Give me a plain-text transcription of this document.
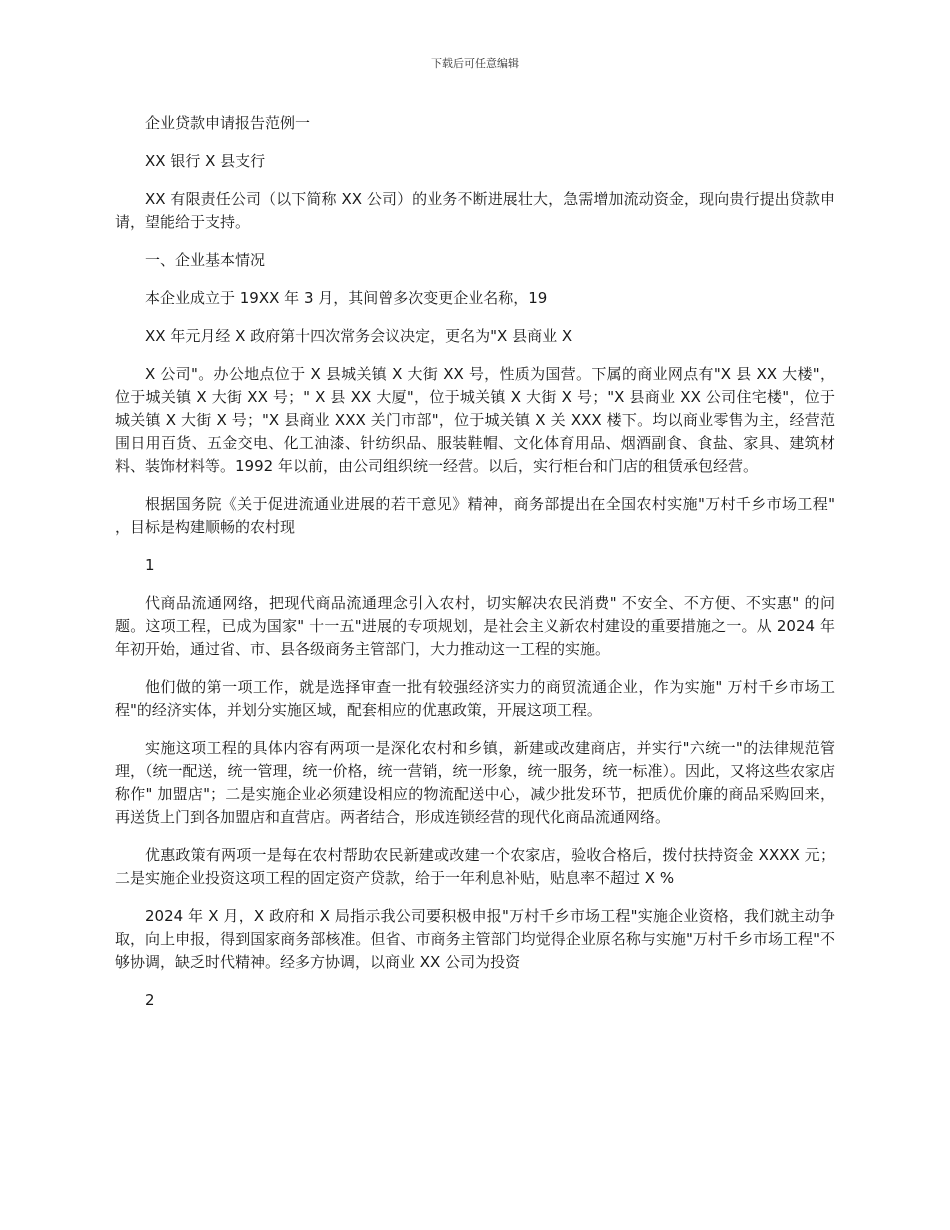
下载后可任意编辑

企业贷款申请报告范例一

XX 银行 X 县支行

XX 有限责任公司（以下简称 XX 公司）的业务不断进展壮大，急需增加流动资金，现向贵行提出贷款申请，望能给于支持。

一、企业基本情况

本企业成立于 19XX 年 3 月，其间曾多次变更企业名称，19

XX 年元月经 X 政府第十四次常务会议决定，更名为"X 县商业 X

X 公司"。办公地点位于 X 县城关镇 X 大街 XX 号，性质为国营。下属的商业网点有"X 县 XX 大楼"，位于城关镇 X 大街 XX 号；" X 县 XX 大厦"，位于城关镇 X 大街 X 号；"X 县商业 XX 公司住宅楼"，位于城关镇 X 大街 X 号；"X 县商业 XXX 关门市部"，位于城关镇 X 关 XXX 楼下。均以商业零售为主，经营范围日用百货、五金交电、化工油漆、针纺织品、服装鞋帽、文化体育用品、烟酒副食、食盐、家具、建筑材料、装饰材料等。1992 年以前，由公司组织统一经营。以后，实行柜台和门店的租赁承包经营。

根据国务院《关于促进流通业进展的若干意见》精神，商务部提出在全国农村实施"万村千乡市场工程" ，目标是构建顺畅的农村现

1

代商品流通网络，把现代商品流通理念引入农村，切实解决农民消费" 不安全、不方便、不实惠" 的问题。这项工程，已成为国家" 十一五"进展的专项规划，是社会主义新农村建设的重要措施之一。从 2024 年年初开始，通过省、市、县各级商务主管部门，大力推动这一工程的实施。

他们做的第一项工作，就是选择审查一批有较强经济实力的商贸流通企业，作为实施" 万村千乡市场工程"的经济实体，并划分实施区域，配套相应的优惠政策，开展这项工程。

实施这项工程的具体内容有两项一是深化农村和乡镇，新建或改建商店，并实行"六统一"的法律规范管理，（统一配送，统一管理，统一价格，统一营销，统一形象，统一服务，统一标准）。因此，又将这些农家店称作" 加盟店"；二是实施企业必须建设相应的物流配送中心，减少批发环节，把质优价廉的商品采购回来，再送货上门到各加盟店和直营店。两者结合，形成连锁经营的现代化商品流通网络。

优惠政策有两项一是每在农村帮助农民新建或改建一个农家店，验收合格后，拨付扶持资金 XXXX 元；二是实施企业投资这项工程的固定资产贷款，给于一年利息补贴，贴息率不超过 X %

2024 年 X 月，X 政府和 X 局指示我公司要积极申报"万村千乡市场工程"实施企业资格，我们就主动争取，向上申报，得到国家商务部核准。但省、市商务主管部门均觉得企业原名称与实施"万村千乡市场工程"不够协调，缺乏时代精神。经多方协调，以商业 XX 公司为投资

2
